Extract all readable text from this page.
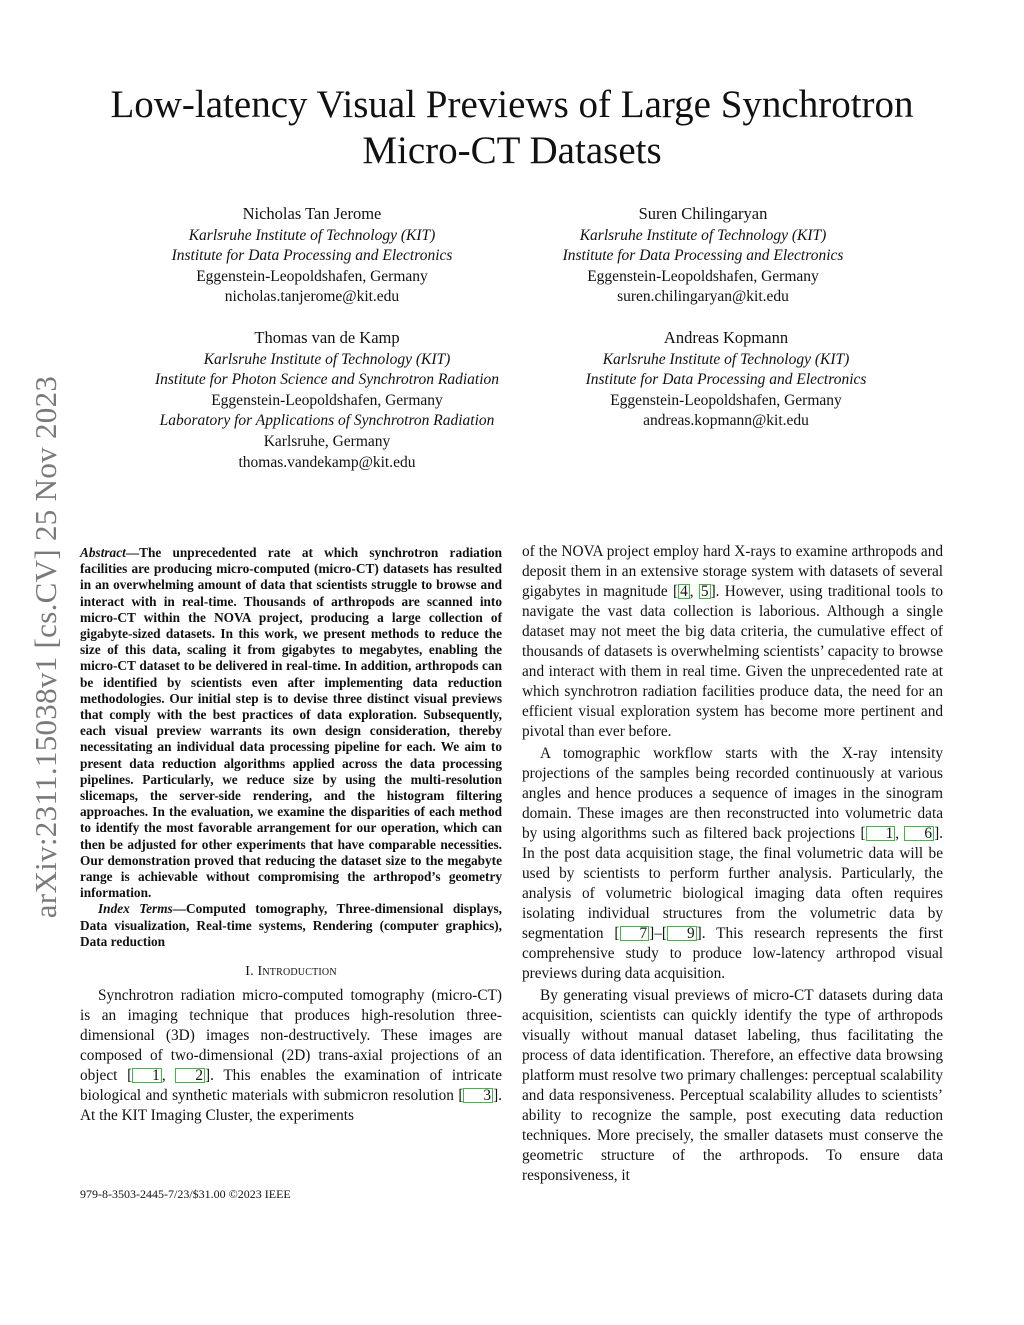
arXiv:2311.15038v1 [cs.CV] 25 Nov 2023
Low-latency Visual Previews of Large Synchrotron
Micro-CT Datasets
Nicholas Tan Jerome
Karlsruhe Institute of Technology (KIT)
Institute for Data Processing and Electronics
Eggenstein-Leopoldshafen, Germany
nicholas.tanjerome@kit.edu
Suren Chilingaryan
Karlsruhe Institute of Technology (KIT)
Institute for Data Processing and Electronics
Eggenstein-Leopoldshafen, Germany
suren.chilingaryan@kit.edu
Thomas van de Kamp
Karlsruhe Institute of Technology (KIT)
Institute for Photon Science and Synchrotron Radiation
Eggenstein-Leopoldshafen, Germany
Laboratory for Applications of Synchrotron Radiation
Karlsruhe, Germany
thomas.vandekamp@kit.edu
Andreas Kopmann
Karlsruhe Institute of Technology (KIT)
Institute for Data Processing and Electronics
Eggenstein-Leopoldshafen, Germany
andreas.kopmann@kit.edu

Abstract—The unprecedented rate at which synchrotron radiation facilities are producing micro-computed (micro-CT) datasets has resulted in an overwhelming amount of data that scientists struggle to browse and interact with in real-time. Thousands of arthropods are scanned into micro-CT within the NOVA project, producing a large collection of gigabyte-sized datasets. In this work, we present methods to reduce the size of this data, scaling it from gigabytes to megabytes, enabling the micro-CT dataset to be delivered in real-time. In addition, arthropods can be identified by scientists even after implementing data reduction methodologies. Our initial step is to devise three distinct visual previews that comply with the best practices of data exploration. Subsequently, each visual preview warrants its own design consideration, thereby necessitating an individual data processing pipeline for each. We aim to present data reduction algorithms applied across the data processing pipelines. Particularly, we reduce size by using the multi-resolution slicemaps, the server-side rendering, and the histogram filtering approaches. In the evaluation, we examine the disparities of each method to identify the most favorable arrangement for our operation, which can then be adjusted for other experiments that have comparable necessities. Our demonstration proved that reducing the dataset size to the megabyte range is achievable without compromising the arthropod’s geometry information.

Index Terms—Computed tomography, Three-dimensional displays, Data visualization, Real-time systems, Rendering (computer graphics), Data reduction

I. Introduction

Synchrotron radiation micro-computed tomography (micro-CT) is an imaging technique that produces high-resolution three-dimensional (3D) images non-destructively. These images are composed of two-dimensional (2D) trans-axial projections of an object [ 1 , 2 ]. This enables the examination of intricate biological and synthetic materials with submicron resolution [ 3 ]. At the KIT Imaging Cluster, the experiments

979-8-3503-2445-7/23/$31.00 ©2023 IEEE

of the NOVA project employ hard X-rays to examine arthropods and deposit them in an extensive storage system with datasets of several gigabytes in magnitude [ 4 , 5 ]. However, using traditional tools to navigate the vast data collection is laborious. Although a single dataset may not meet the big data criteria, the cumulative effect of thousands of datasets is overwhelming scientists’ capacity to browse and interact with them in real time. Given the unprecedented rate at which synchrotron radiation facilities produce data, the need for an efficient visual exploration system has become more pertinent and pivotal than ever before.

A tomographic workflow starts with the X-ray intensity projections of the samples being recorded continuously at various angles and hence produces a sequence of images in the sinogram domain. These images are then reconstructed into volumetric data by using algorithms such as filtered back projections [ 1 , 6 ]. In the post data acquisition stage, the final volumetric data will be used by scientists to perform further analysis. Particularly, the analysis of volumetric biological imaging data often requires isolating individual structures from the volumetric data by segmentation [ 7 ]–[ 9 ]. This research represents the first comprehensive study to produce low-latency arthropod visual previews during data acquisition.

By generating visual previews of micro-CT datasets during data acquisition, scientists can quickly identify the type of arthropods visually without manual dataset labeling, thus facilitating the process of data identification. Therefore, an effective data browsing platform must resolve two primary challenges: perceptual scalability and data responsiveness. Perceptual scalability alludes to scientists’ ability to recognize the sample, post executing data reduction techniques. More precisely, the smaller datasets must conserve the geometric structure of the arthropods. To ensure data responsiveness, it
